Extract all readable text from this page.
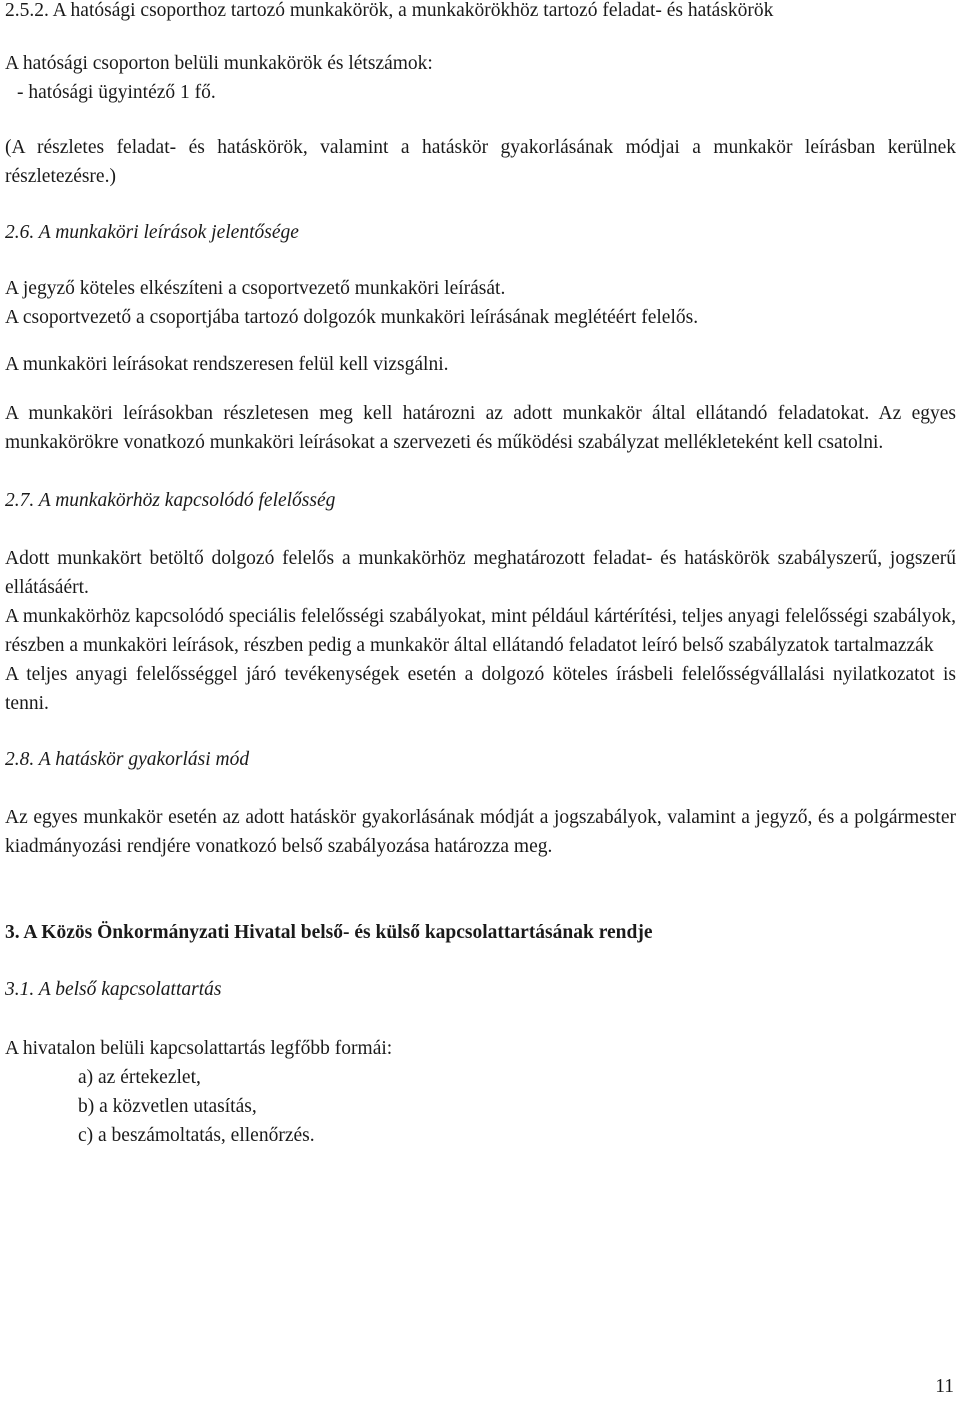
2.5.2. A hatósági csoporthoz tartozó munkakörök, a munkakörökhöz tartozó feladat- és hatáskörök

A hatósági csoporton belüli munkakörök és létszámok:

- hatósági ügyintéző 1 fő.

(A részletes feladat- és hatáskörök, valamint a hatáskör gyakorlásának módjai a munkakör leírásban kerülnek részletezésre.)

2.6. A munkaköri leírások jelentősége

A jegyző köteles elkészíteni a csoportvezető munkaköri leírását.

A csoportvezető a csoportjába tartozó dolgozók munkaköri leírásának meglétéért felelős.

A munkaköri leírásokat rendszeresen felül kell vizsgálni.

A munkaköri leírásokban részletesen meg kell határozni az adott munkakör által ellátandó feladatokat. Az egyes munkakörökre vonatkozó munkaköri leírásokat a szervezeti és működési szabályzat mellékleteként kell csatolni.

2.7. A munkakörhöz kapcsolódó felelősség

Adott munkakört betöltő dolgozó felelős a munkakörhöz meghatározott feladat- és hatáskörök szabályszerű, jogszerű ellátásáért.

A munkakörhöz kapcsolódó speciális felelősségi szabályokat, mint például kártérítési, teljes anyagi felelősségi szabályok, részben a munkaköri leírások, részben pedig a munkakör által ellátandó feladatot leíró belső szabályzatok tartalmazzák

A teljes anyagi felelősséggel járó tevékenységek esetén a dolgozó köteles írásbeli felelősségvállalási nyilatkozatot is tenni.

2.8. A hatáskör gyakorlási mód

Az egyes munkakör esetén az adott hatáskör gyakorlásának módját a jogszabályok, valamint a jegyző, és a polgármester kiadmányozási rendjére vonatkozó belső szabályozása határozza meg.

3. A Közös Önkormányzati Hivatal belső- és külső kapcsolattartásának rendje

3.1. A belső kapcsolattartás

A hivatalon belüli kapcsolattartás legfőbb formái:

a) az értekezlet,

b) a közvetlen utasítás,

c) a beszámoltatás, ellenőrzés.

11
